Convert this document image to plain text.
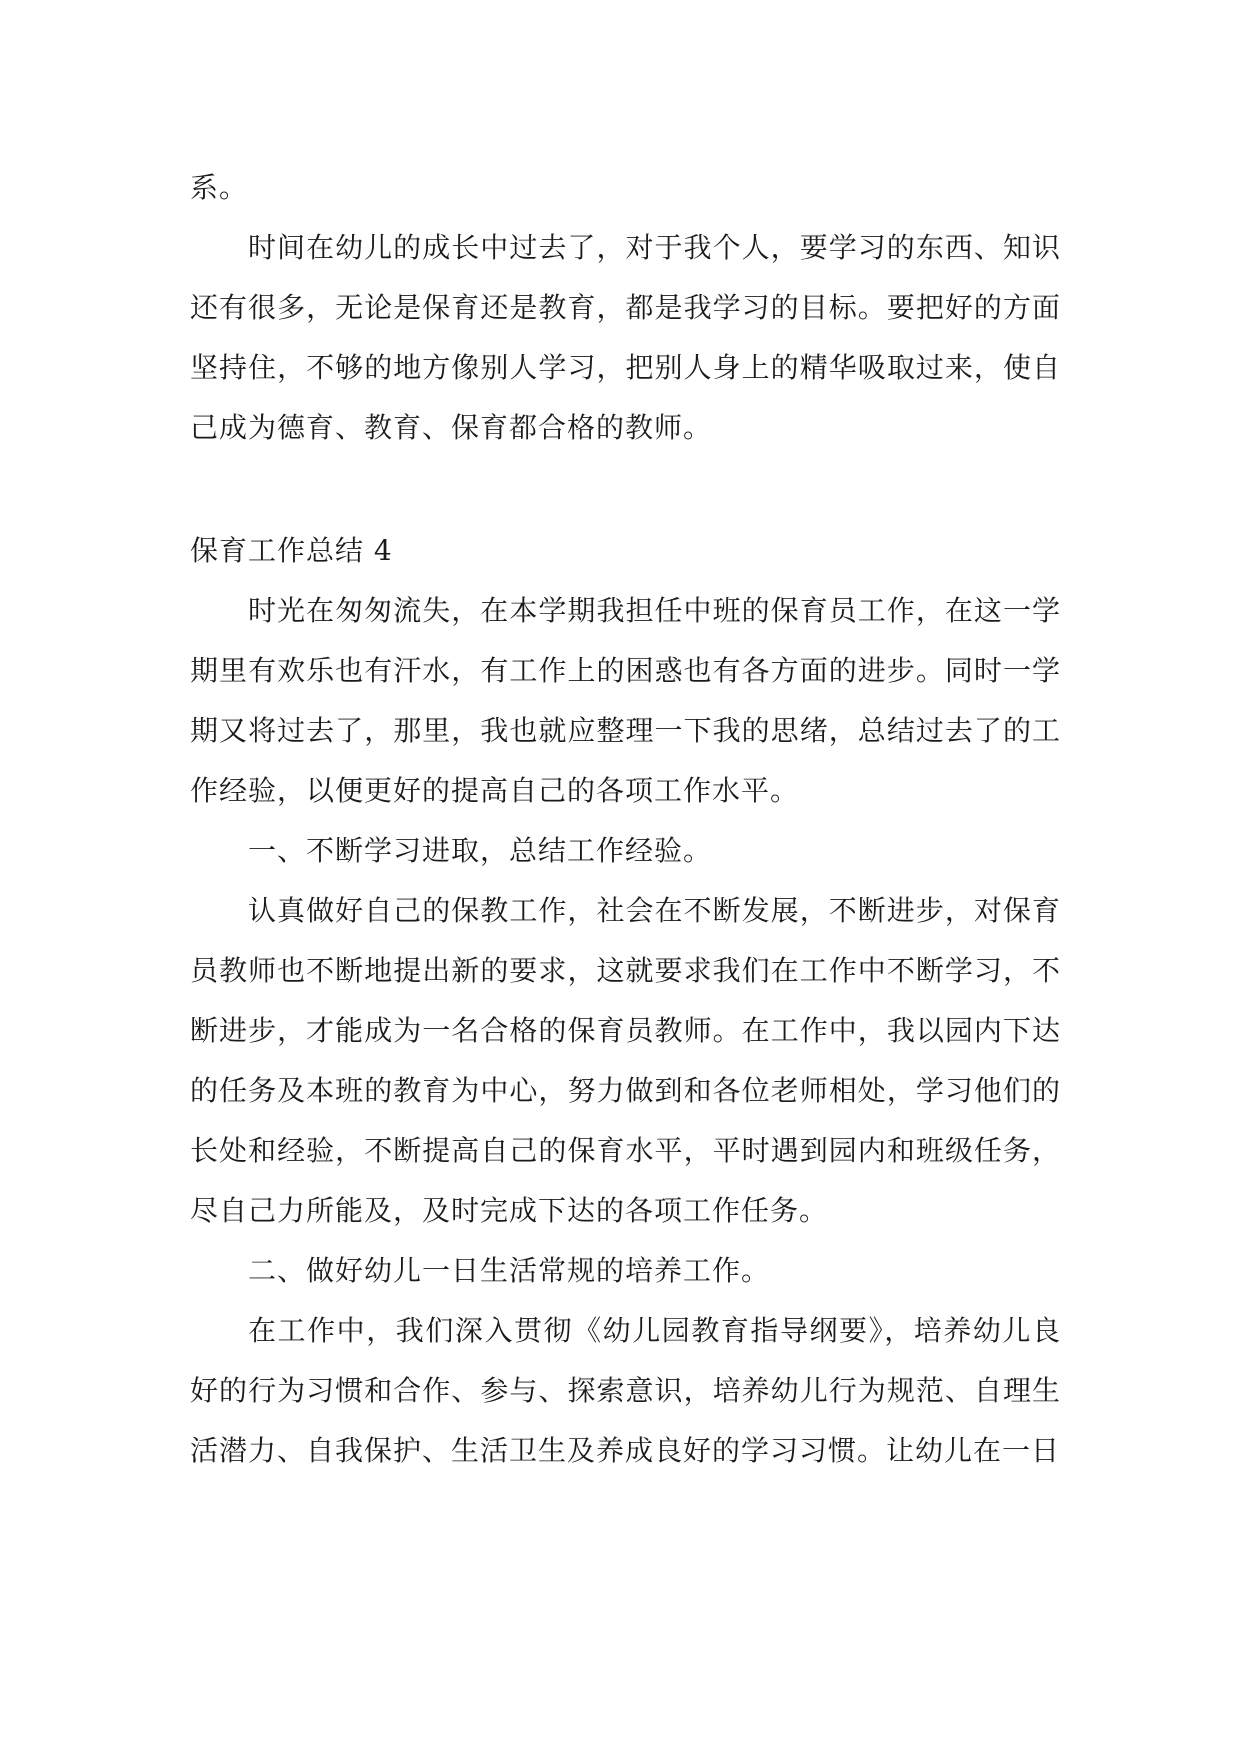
系。

时间在幼儿的成长中过去了，对于我个人，要学习的东西、知识还有很多，无论是保育还是教育，都是我学习的目标。要把好的方面坚持住，不够的地方像别人学习，把别人身上的精华吸取过来，使自己成为德育、教育、保育都合格的教师。

保育工作总结 4

时光在匆匆流失，在本学期我担任中班的保育员工作，在这一学期里有欢乐也有汗水，有工作上的困惑也有各方面的进步。同时一学期又将过去了，那里，我也就应整理一下我的思绪，总结过去了的工作经验，以便更好的提高自己的各项工作水平。

一、不断学习进取，总结工作经验。

认真做好自己的保教工作，社会在不断发展，不断进步，对保育员教师也不断地提出新的要求，这就要求我们在工作中不断学习，不断进步，才能成为一名合格的保育员教师。在工作中，我以园内下达的任务及本班的教育为中心，努力做到和各位老师相处，学习他们的长处和经验，不断提高自己的保育水平，平时遇到园内和班级任务，尽自己力所能及，及时完成下达的各项工作任务。

二、做好幼儿一日生活常规的培养工作。

在工作中，我们深入贯彻《幼儿园教育指导纲要》，培养幼儿良好的行为习惯和合作、参与、探索意识，培养幼儿行为规范、自理生活潜力、自我保护、生活卫生及养成良好的学习习惯。让幼儿在一日
